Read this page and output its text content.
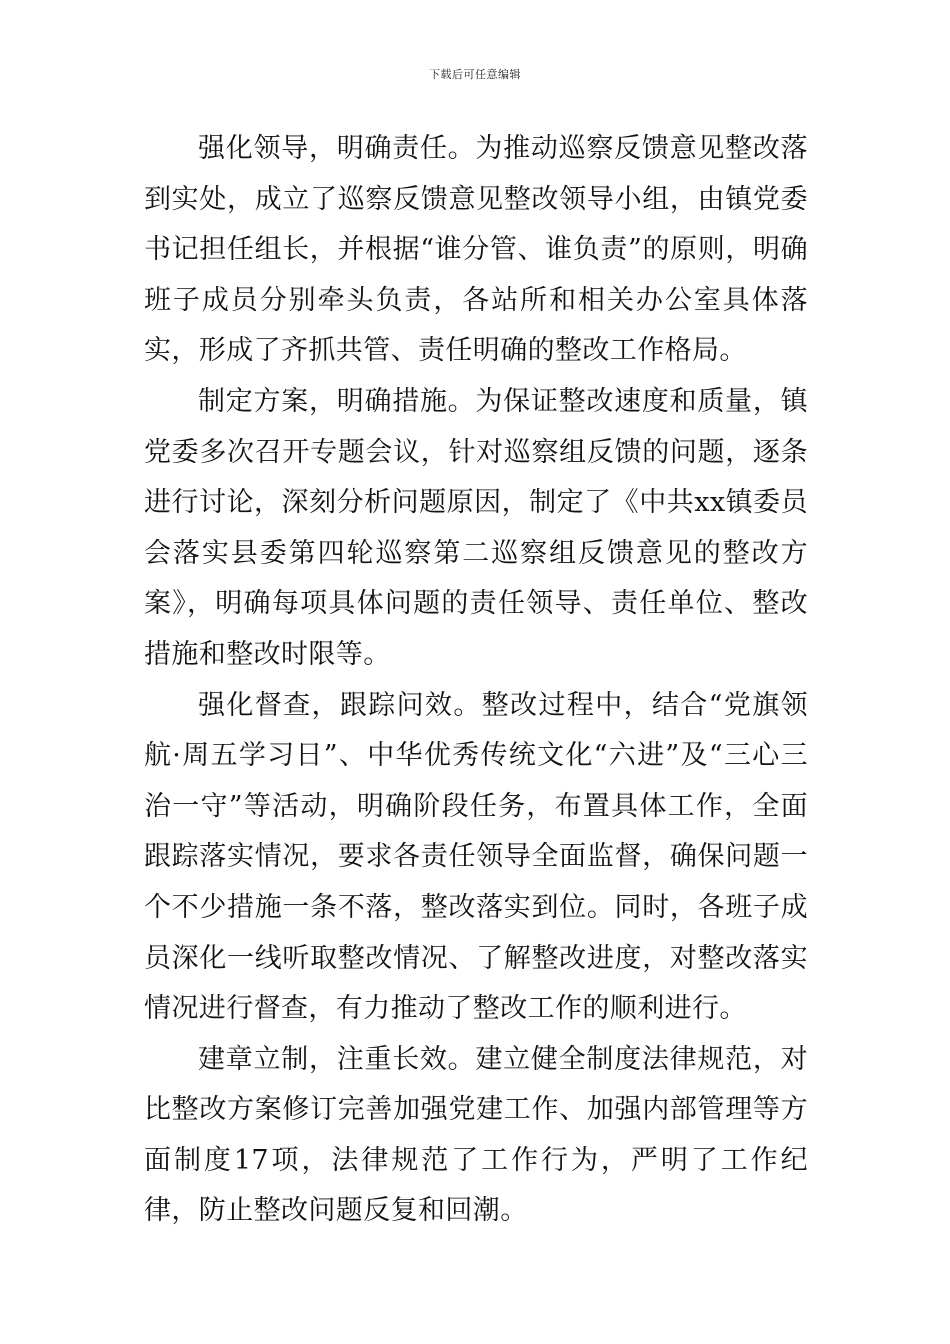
下载后可任意编辑

强化领导，明确责任。为推动巡察反馈意见整改落到实处，成立了巡察反馈意见整改领导小组，由镇党委书记担任组长，并根据“谁分管、谁负责”的原则，明确班子成员分别牵头负责，各站所和相关办公室具体落实，形成了齐抓共管、责任明确的整改工作格局。

制定方案，明确措施。为保证整改速度和质量，镇党委多次召开专题会议，针对巡察组反馈的问题，逐条进行讨论，深刻分析问题原因，制定了《中共xx镇委员会落实县委第四轮巡察第二巡察组反馈意见的整改方案》，明确每项具体问题的责任领导、责任单位、整改措施和整改时限等。

强化督查，跟踪问效。整改过程中，结合“党旗领航·周五学习日”、中华优秀传统文化“六进”及“三心三治一守”等活动，明确阶段任务，布置具体工作，全面跟踪落实情况，要求各责任领导全面监督，确保问题一个不少措施一条不落，整改落实到位。同时，各班子成员深化一线听取整改情况、了解整改进度，对整改落实情况进行督查，有力推动了整改工作的顺利进行。

建章立制，注重长效。建立健全制度法律规范，对比整改方案修订完善加强党建工作、加强内部管理等方面制度17项，法律规范了工作行为，严明了工作纪律，防止整改问题反复和回潮。
